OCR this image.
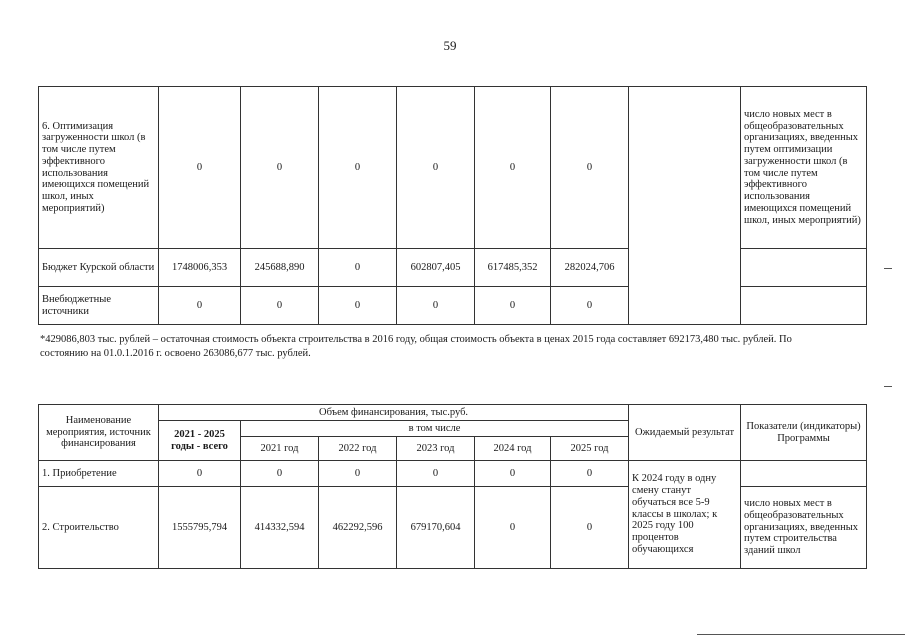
59
6. Оптимизация загруженности школ (в том числе путем эффективного использования имеющихся помещений школ, иных мероприятий)	0	0	0	0	0	0		число новых мест в общеобразовательных организациях, введенных путем оптимизации загруженности школ (в том числе путем эффективного использования имеющихся помещений школ, иных мероприятий)
Бюджет Курской области	1748006,353	245688,890	0	602807,405	617485,352	282024,706		
Внебюджетные источники	0	0	0	0	0	0		
*429086,803 тыс. рублей – остаточная стоимость объекта строительства в 2016 году, общая стоимость объекта в ценах 2015 года составляет 692173,480 тыс. рублей. По состоянию на 01.0.1.2016 г. освоено 263086,677 тыс. рублей.
Наименование мероприятия, источник финансирования	Объем финансирования, тыс.руб.						Ожидаемый результат	Показатели (индикаторы) Программы
	2021 - 2025 годы - всего	в том числе						
		2021 год	2022 год	2023 год	2024 год	2025 год		
1. Приобретение	0	0	0	0	0	0	К 2024 году в одну смену станут обучаться все 5-9 классы в школах; к 2025 году 100 процентов обучающихся	
2. Строительство	1555795,794	414332,594	462292,596	679170,604	0	0		число новых мест в общеобразовательных организациях, введенных путем строительства зданий школ
